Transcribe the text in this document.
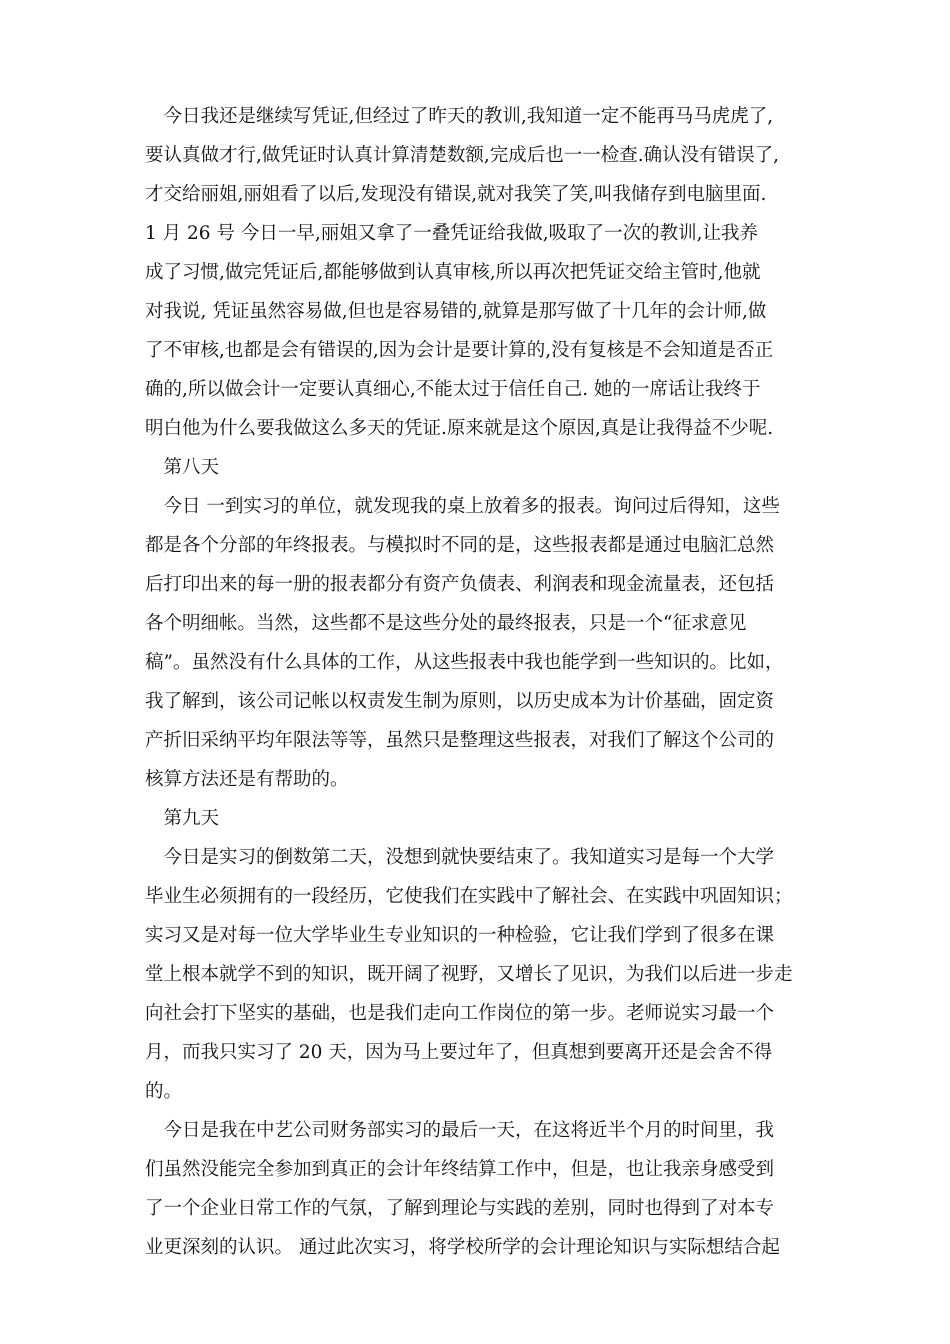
　今日我还是继续写凭证,但经过了昨天的教训,我知道一定不能再马马虎虎了,
要认真做才行,做凭证时认真计算清楚数额,完成后也一一检查.确认没有错误了,
才交给丽姐,丽姐看了以后,发现没有错误,就对我笑了笑,叫我储存到电脑里面.
1 月 26 号 今日一早,丽姐又拿了一叠凭证给我做,吸取了一次的教训,让我养
成了习惯,做完凭证后,都能够做到认真审核,所以再次把凭证交给主管时,他就
对我说, 凭证虽然容易做,但也是容易错的,就算是那写做了十几年的会计师,做
了不审核,也都是会有错误的,因为会计是要计算的,没有复核是不会知道是否正
确的,所以做会计一定要认真细心,不能太过于信任自己. 她的一席话让我终于
明白他为什么要我做这么多天的凭证.原来就是这个原因,真是让我得益不少呢.
　第八天
　今日 一到实习的单位，就发现我的桌上放着多的报表。询问过后得知，这些
都是各个分部的年终报表。与模拟时不同的是，这些报表都是通过电脑汇总然
后打印出来的每一册的报表都分有资产负债表、利润表和现金流量表，还包括
各个明细帐。当然，这些都不是这些分处的最终报表，只是一个“征求意见
稿”。虽然没有什么具体的工作，从这些报表中我也能学到一些知识的。比如，
我了解到，该公司记帐以权责发生制为原则，以历史成本为计价基础，固定资
产折旧采纳平均年限法等等，虽然只是整理这些报表，对我们了解这个公司的
核算方法还是有帮助的。
　第九天
　今日是实习的倒数第二天，没想到就快要结束了。我知道实习是每一个大学
毕业生必须拥有的一段经历，它使我们在实践中了解社会、在实践中巩固知识；
实习又是对每一位大学毕业生专业知识的一种检验，它让我们学到了很多在课
堂上根本就学不到的知识，既开阔了视野，又增长了见识，为我们以后进一步走
向社会打下坚实的基础，也是我们走向工作岗位的第一步。老师说实习最一个
月，而我只实习了 20 天，因为马上要过年了，但真想到要离开还是会舍不得
的。
　今日是我在中艺公司财务部实习的最后一天，在这将近半个月的时间里，我
们虽然没能完全参加到真正的会计年终结算工作中，但是，也让我亲身感受到
了一个企业日常工作的气氛，了解到理论与实践的差别，同时也得到了对本专
业更深刻的认识。 通过此次实习，将学校所学的会计理论知识与实际想结合起
